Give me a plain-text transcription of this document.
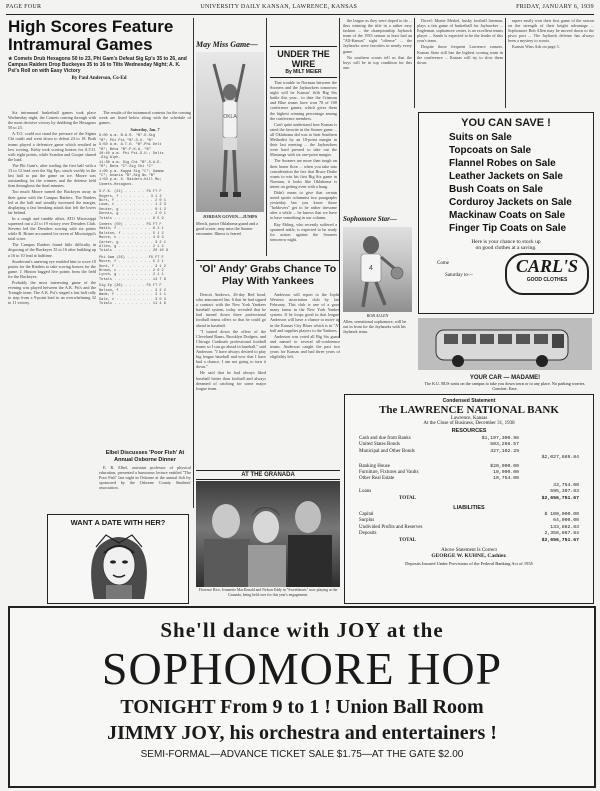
PAGE FOUR	UNIVERSITY DAILY KANSAN, LAWRENCE, KANSAS	FRIDAY, JANUARY 6, 1939
High Scores Feature Intramural Games
★ Comets Drub Hexagons 50 to 23, Phi Gam's Defeat Sig Ep's 35 to 26, and Campus Raiders Drop Buckeyes 35 to 16 to Tilts Wednesday Night; A. K. Psi's Roll on with Easy Victory
By Paul Anderson, Co-Ed

Six intramural basketball games took place Wednesday night, the Comets coming through with the most decisive victory by drubbing the Hexagons 50 to 23.

A.T.O. could not stand the pressure of the Sigma Chi outfit and went down to defeat 24 to 18. Both teams played a defensive game which resulted in low scoring. Kirby took scoring honors for A.T.O. with eight points, while Scanlon and Cooper shared the load.

The Phi Gam's, after trailing the first half with a 13 to 12 lead over the Sig Eps, struck swiftly in the last half to put the game on ice. Moore was outstanding for the winners and the defense held firm throughout the final minutes.

Too much Moore turned the Buckeyes away in their game with the Campus Raiders. The Raiders led at the half and steadily increased the margin, displaying a fast breaking attack that left the losers far behind.

In a rough and tumble affair, ATO Mississippi squeezed out a 21 to 19 victory over Dreaders Club. Stevens led the Dreaders scoring with six points while B. Briner accounted for seven of Mississippi's total score.

The Campus Raiders found little difficulty in disposing of the Buckeyes 35 to 16 after building up a 16 to 10 lead at halftime.

Sturdevant's unerring eye enabled him to score 10 points for the Raiders to take scoring honors for the game. J. Hinton bagged five points from the field for the Buckeyes.

Probably the most interesting game of the evening was played between the A.K. Psi's and the Triangle team. The A.K. Psi's staged a last half rally to step from a 9-point lead to an overwhelming 32 to 11 victory.

The results of the intramural contests for the coming week are listed below along with the schedule of games.

Saturday, Jan. 7
9:00 a.m. B.A.R. "B"-K.Sig
"B"; Phi Psi "B"-D.U. "B"
9:50 a.m. A.T.O. "B"-Phi Delt
"B"; Beta "B"-P.K.A. "B"
10:40 a.m. Phi Psi-D.U.; Delts
-Sig Alph.
11:30 a.m. Sig Chi "B"-S.A.E.
"B"; Beta "C"-Sig Chi "C"
1:00 p.m. Kappa Sig "C"; Gamma
"C"; Acacia "B"-Sig Nu "B"
1:50 p.m. X. Raiders-Hill Mu;
Comets-Hexagons.
G.F.K. (21) . . . . . FG FT F
Rogers, f . . . . . . . 3 1 2
Burt, f . . . . . . . . . 2 0 1
Lowe, c . . . . . . . . . 1 2 3
Deuter, g . . . . . . . . 0 1 2
Dennis, g . . . . . . . . 2 0 1
Totals . . . . . . . . . 8 5 9
Comets (50) . . . . . FG FT F
Smith, f . . . . . . . . 6 2 1
Ralston, f . . . . . . . 5 1 2
Moore, c . . . . . . . . 4 0 3
Carter, g . . . . . . . . 3 2 1
Allen, g . . . . . . . . 2 1 2
Totals . . . . . . . . . 20 10 9
Phi Gam (35) . . . . . FG FT F
Moore, f . . . . . . . . 5 2 1
Hunt, f . . . . . . . . . 3 1 2
Brown, c . . . . . . . . 2 0 2
Lynch, g . . . . . . . . 2 1 1
Totals . . . . . . . . . 14 7 8
Sig Ep (26) . . . . . FG FT F
Nelson, f . . . . . . . . 3 2 2
Wade, f . . . . . . . . . 2 1 1
Dale, c . . . . . . . . . 3 0 3
Totals . . . . . . . . . 11 4 9
Elbel Discusses 'Poor Fish' At Annual Osborne Dinner

E. R. Elbel, assistant professor of physical education, presented a humorous lecture entitled "The Poor Fish" last night in Osborne at the annual fish fry sponsored by the Osborne County Students' association.

May Miss Game—
OKLA
JORDAN GOVEN—JUMPS
Merch, junior Oklahoma guard and a good scorer, may miss the Sooner encounter. Illness is feared.
UNDER THE WIRE
By MILT MEIER

That trouble in Norman between the Sooners and the Jayhawkers tomorrow night will be Kansas' fifth Big Six battle this year... to date the Crimson and Blue teams have won 78 of 100 conference games, which gives them the highest winning percentage among the conference members.

Can't quite understand how Kansas is rated the favorite in the Sooner game ... all Oklahoma did was to beat Southern Methodist by an 18-point margin in their last meeting ... the Jayhawkers were hard pressed to take out the Mustangs with six one-point margin.

The Sooners are more than tough on their home floor ... when you take into consideration the fact that Bruce Drake wants to win his first Big Six game in Norman, it looks like Oklahoma is intent on getting even with a bang.

Didn't mean to give that certain noted sports columnist two paragraphs yesterday but you know those "holdovers" get to be rather tiresome after a while ... he knows that we have to have something in our column.

Ray Ebling, who recently suffered a sprained ankle, is expected to be ready for action against the Sooners tomorrow night.

the league as they were doped to do ... thus winning the title in a rather easy fashion ... the championship Jayhawk team of the 1933 season at least had an "All-Kansas" sight "offense" ... the Jayhawks were favorites in nearly every game.

No southern scouts tell us that the boys will be in top condition for this one.

Drivel: Monte Merkel, husky football lineman, plays a fair game of basketball for Jayhawker ... Engleman, sophomore center, is an excellent tennis player ... Sands is expected to be the leader of this year's team.

Despite those frequent Lawrence rumors, Kansas State still has the highest scoring team in the conference ... Kansas will try to slow them down.

rapers easily won their first game of the season on the strength of their height advantage ... Sophomore Bob Allen may be moved down to the pivot post ... The Jayhawk defense has always been a mystery to scouts.

Kansas Wins Ads on page 3.

Sophomore Star—
4
BOB ALLEN
Allen, sensational sophomore, will be out in front for the Jayhawks with his Jayhawk team.
'Ol' Andy' Grabs Chance To Play With Yankees

Detroit Andrews, 26-day Red head, who announced Jan. 6 that he had signed a contract with the New York Yankees baseball system, today revealed that he had turned down three professional football teams offers so that he could go ahead in baseball.

"I turned down the offers of the Cleveland Rams, Brooklyn Dodgers, and Chicago Cardinals professional football teams so I can go ahead in baseball," said Anderson. "I have always desired to play big league baseball and now that I have had a chance, I am not going to turn it down."

He said that he had always liked baseball better than football and always dreamed of catching for some major league team.

Anderson will report to the Joplin Western association club by late February. This club is one of a good many farms in the New York Yankee system. If he loops good in that league, Anderson will have a chance to move up in the Kansas City Blues which is in "A" ball and supplies players to the Yankees.

Anderson was voted all Big Six guard and named to several all-conference teams. Anderson caught the past two years for Kansas and had three years of eligibility left.

AT THE GRANADA
Florence Rice, Jeannette MacDonald and Nelson Eddy in "Sweethearts" now playing at the Granada, being held over for this year's engagement.
WANT A DATE WITH HER?
YOU CAN SAVE !
Suits on Sale
Topcoats on Sale
Flannel Robes on Sale
Leather Jackets on Sale
Bush Coats on Sale
Corduroy Jackets on Sale
Mackinaw Coats on Sale
Finger Tip Coats on Sale
Here is your chance to stock up
on good clothes at a saving.
Come
Saturday to—	CARL'S
GOOD CLOTHES
YOUR CAR — MADAME!
The K.U. BUS waits on the campus to take you down town or to any place. No parking worries. Comfort. Ease.
Condensed Statement
The LAWRENCE NATIONAL BANK
Lawrence, Kansas
At the Close of Business, December 31, 1938
RESOURCES
Cash and due from Banks	$1,197,300.98
United States Bonds	503,266.57
Municipal and Other Bonds	327,102.29
$2,027,689.84
Banking House	$20,000.00
Furniture, Fixtures and Vaults	10,000.00
Other Real Estate	10,754.00
33,754.00
Loans	595,307.83
TOTAL	$2,656,751.67
LIABILITIES
Capital	$ 100,000.00
Surplus	64,000.00
Undivided Profits and Reserves	133,882.83
Deposits	2,358,867.84
TOTAL	$2,656,751.67
Above Statement Is Correct
GEORGE W. KUHNE, Cashier.
Deposits Insured Under Provisions of the Federal Banking Act of 1935
She'll dance with JOY at the
SOPHOMORE HOP
TONIGHT From 9 to 1 ! Union Ball Room
JIMMY JOY, his orchestra and entertainers !
SEMI-FORMAL—ADVANCE TICKET SALE $1.75—AT THE GATE $2.00
